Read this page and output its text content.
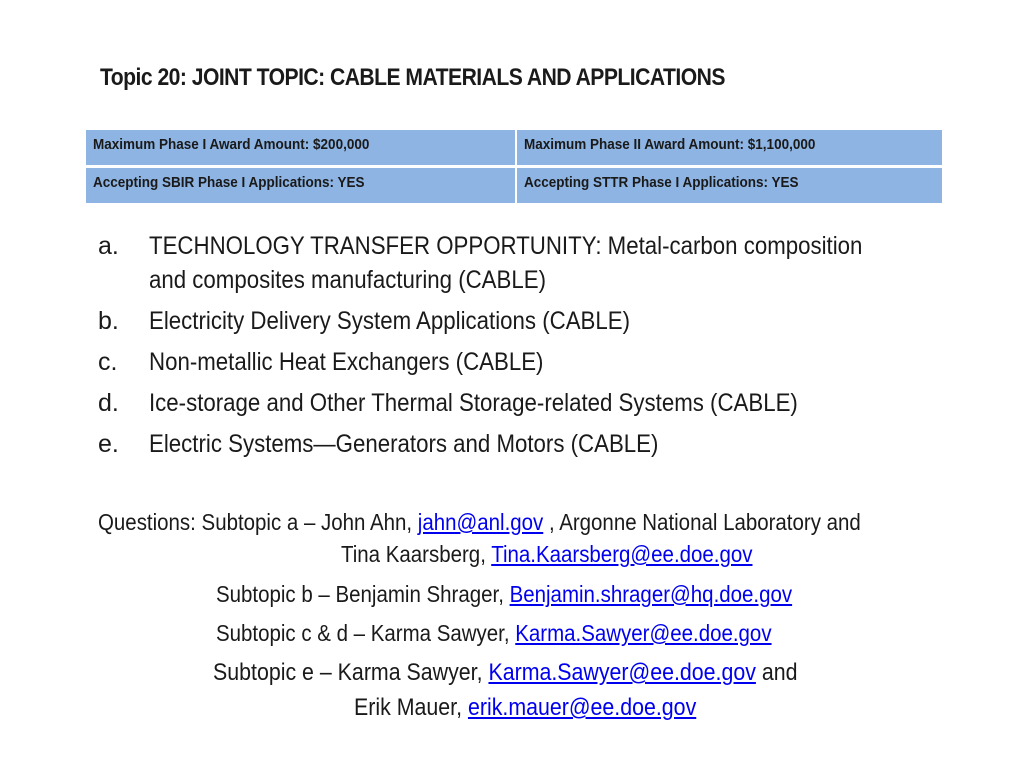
Topic 20: JOINT TOPIC: CABLE MATERIALS AND APPLICATIONS
Maximum Phase I Award Amount: $200,000	Maximum Phase II Award Amount: $1,100,000
Accepting SBIR Phase I Applications: YES	Accepting STTR Phase I Applications: YES
a.	TECHNOLOGY TRANSFER OPPORTUNITY: Metal-carbon composition and composites manufacturing (CABLE)
b.	Electricity Delivery System Applications (CABLE)
c.	Non-metallic Heat Exchangers (CABLE)
d.	Ice-storage and Other Thermal Storage-related Systems (CABLE)
e.	Electric Systems—Generators and Motors (CABLE)
Questions: Subtopic a – John Ahn, jahn@anl.gov , Argonne National Laboratory and
Tina Kaarsberg, Tina.Kaarsberg@ee.doe.gov
Subtopic b – Benjamin Shrager, Benjamin.shrager@hq.doe.gov
Subtopic c & d – Karma Sawyer, Karma.Sawyer@ee.doe.gov
Subtopic e – Karma Sawyer, Karma.Sawyer@ee.doe.gov and
Erik Mauer, erik.mauer@ee.doe.gov
